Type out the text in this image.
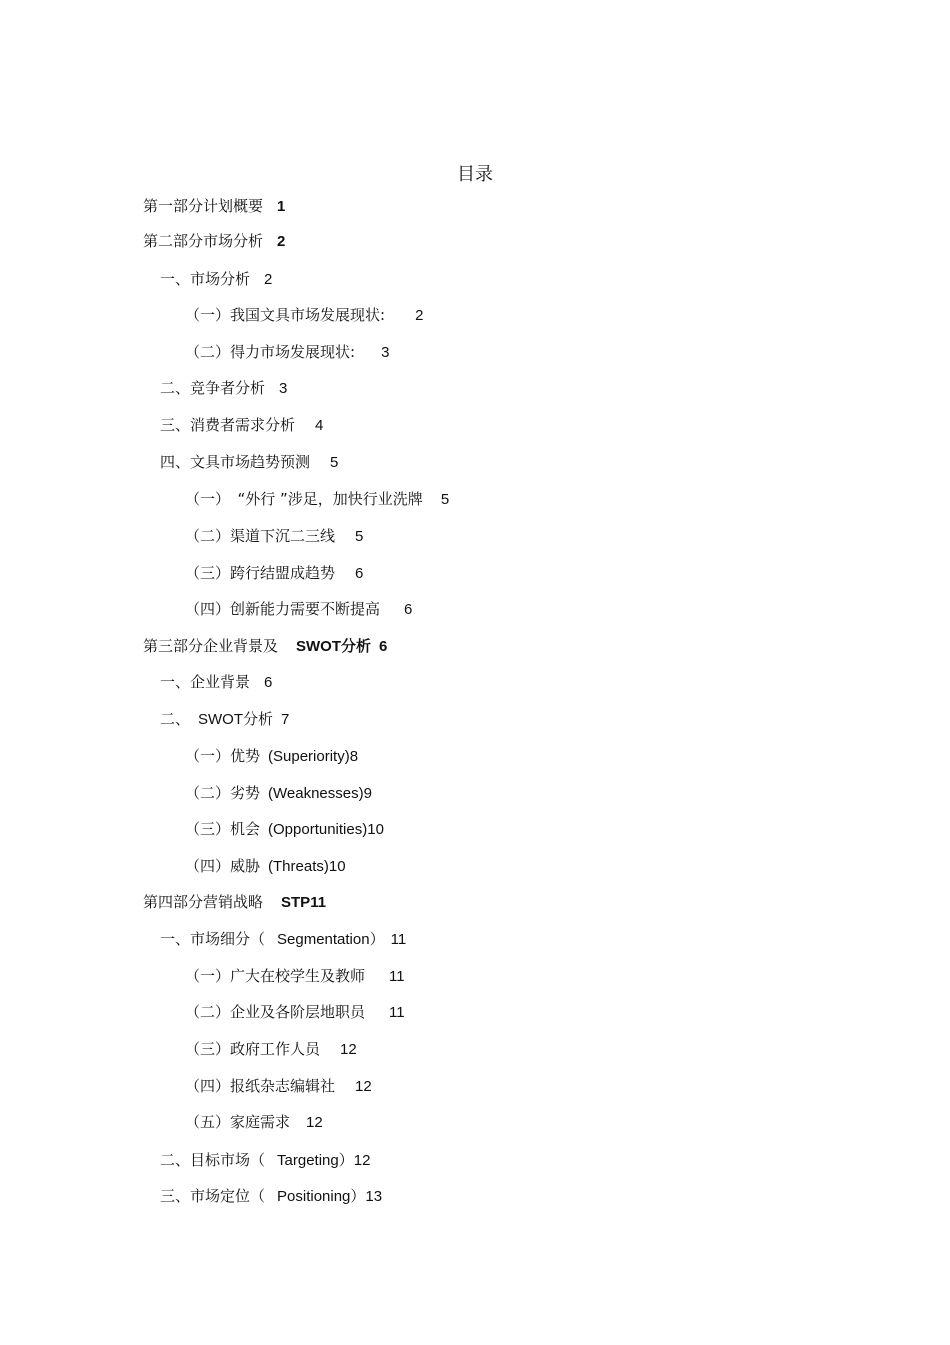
目录
第一部分计划概要 1
第二部分市场分析 2
一、市场分析 2
（一）我国文具市场发展现状: 2
（二）得力市场发展现状: 3
二、竞争者分析 3
三、消费者需求分析 4
四、文具市场趋势预测 5
（一）　“外行 ”涉足，加快行业洗牌 5
（二）渠道下沉二三线 5
（三）跨行结盟成趋势 6
（四）创新能力需要不断提高 6
第三部分企业背景及 SWOT分析 6
一、企业背景 6
二、 SWOT分析 7
（一）优势 (Superiority)8
（二）劣势 (Weaknesses)9
（三）机会 (Opportunities)10
（四）威胁 (Threats)10
第四部分营销战略 STP11
一、市场细分（ Segmentation） 11
（一）广大在校学生及教师 11
（二）企业及各阶层地职员 11
（三）政府工作人员 12
（四）报纸杂志编辑社 12
（五）家庭需求 12
二、目标市场（ Targeting）12
三、市场定位（ Positioning）13
